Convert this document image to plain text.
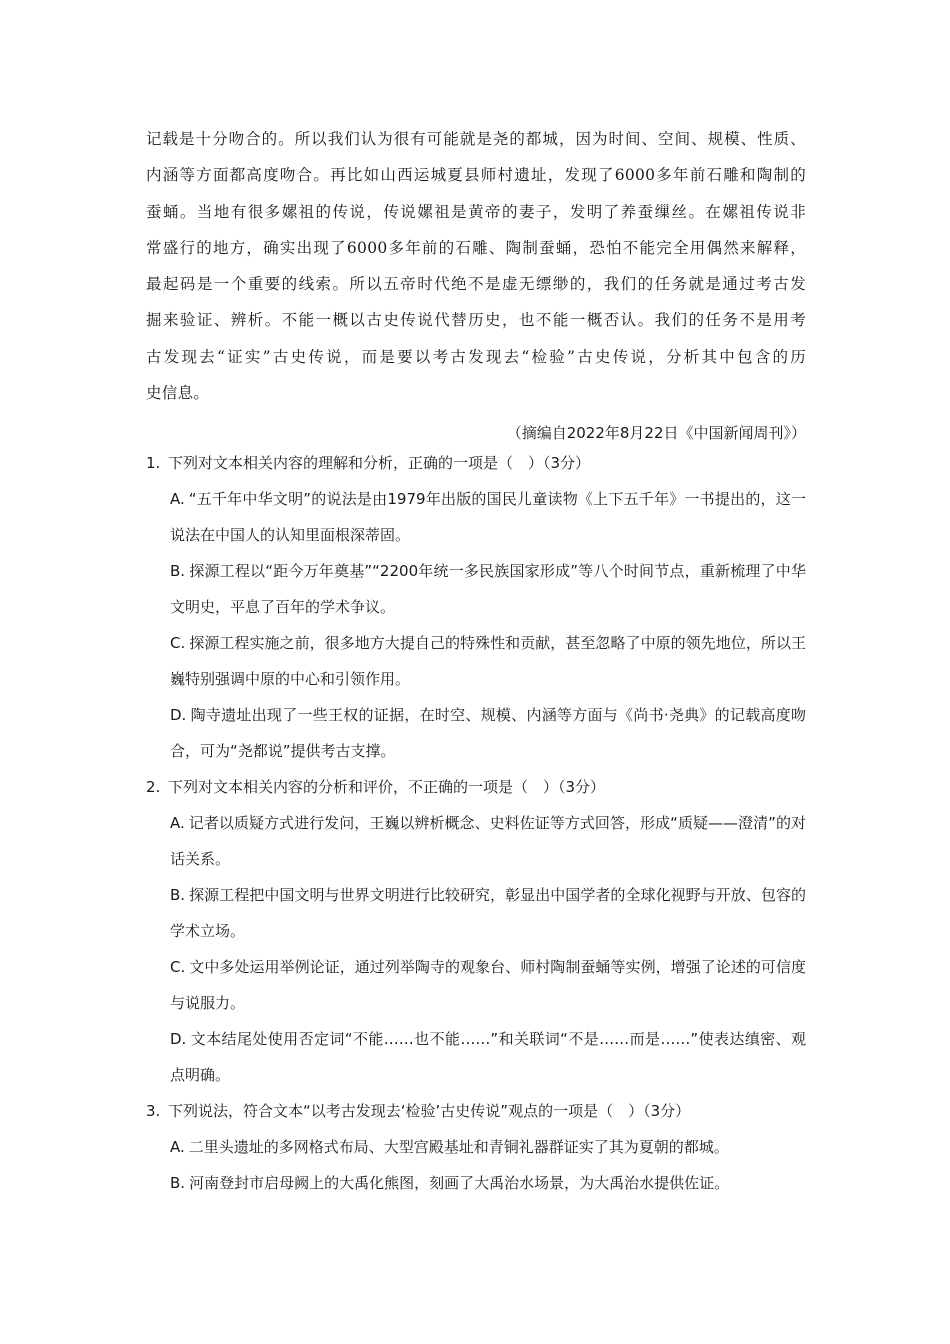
记载是十分吻合的。所以我们认为很有可能就是尧的都城，因为时间、空间、规模、性质、

内涵等方面都高度吻合。再比如山西运城夏县师村遗址，发现了6000多年前石雕和陶制的

蚕蛹。当地有很多嫘祖的传说，传说嫘祖是黄帝的妻子，发明了养蚕缫丝。在嫘祖传说非

常盛行的地方，确实出现了6000多年前的石雕、陶制蚕蛹，恐怕不能完全用偶然来解释，

最起码是一个重要的线索。所以五帝时代绝不是虚无缥缈的，我们的任务就是通过考古发

掘来验证、辨析。不能一概以古史传说代替历史，也不能一概否认。我们的任务不是用考

古发现去“证实”古史传说，而是要以考古发现去“检验”古史传说，分析其中包含的历

史信息。

（摘编自2022年8月22日《中国新闻周刊》）
1. 下列对文本相关内容的理解和分析，正确的一项是（　）（3分）
A. “五千年中华文明”的说法是由1979年出版的国民儿童读物《上下五千年》一书提出的，这一说法在中国人的认知里面根深蒂固。
B. 探源工程以“距今万年奠基”“2200年统一多民族国家形成”等八个时间节点，重新梳理了中华文明史，平息了百年的学术争议。
C. 探源工程实施之前，很多地方大提自己的特殊性和贡献，甚至忽略了中原的领先地位，所以王巍特别强调中原的中心和引领作用。
D. 陶寺遗址出现了一些王权的证据，在时空、规模、内涵等方面与《尚书·尧典》的记载高度吻合，可为“尧都说”提供考古支撑。
2. 下列对文本相关内容的分析和评价，不正确的一项是（　）（3分）
A. 记者以质疑方式进行发问，王巍以辨析概念、史料佐证等方式回答，形成“质疑——澄清”的对话关系。
B. 探源工程把中国文明与世界文明进行比较研究，彰显出中国学者的全球化视野与开放、包容的学术立场。
C. 文中多处运用举例论证，通过列举陶寺的观象台、师村陶制蚕蛹等实例，增强了论述的可信度与说服力。
D. 文本结尾处使用否定词“不能……也不能……”和关联词“不是……而是……”使表达缜密、观点明确。
3. 下列说法，符合文本“以考古发现去‘检验’古史传说”观点的一项是（　）（3分）
A. 二里头遗址的多网格式布局、大型宫殿基址和青铜礼器群证实了其为夏朝的都城。
B. 河南登封市启母阙上的大禹化熊图，刻画了大禹治水场景，为大禹治水提供佐证。
